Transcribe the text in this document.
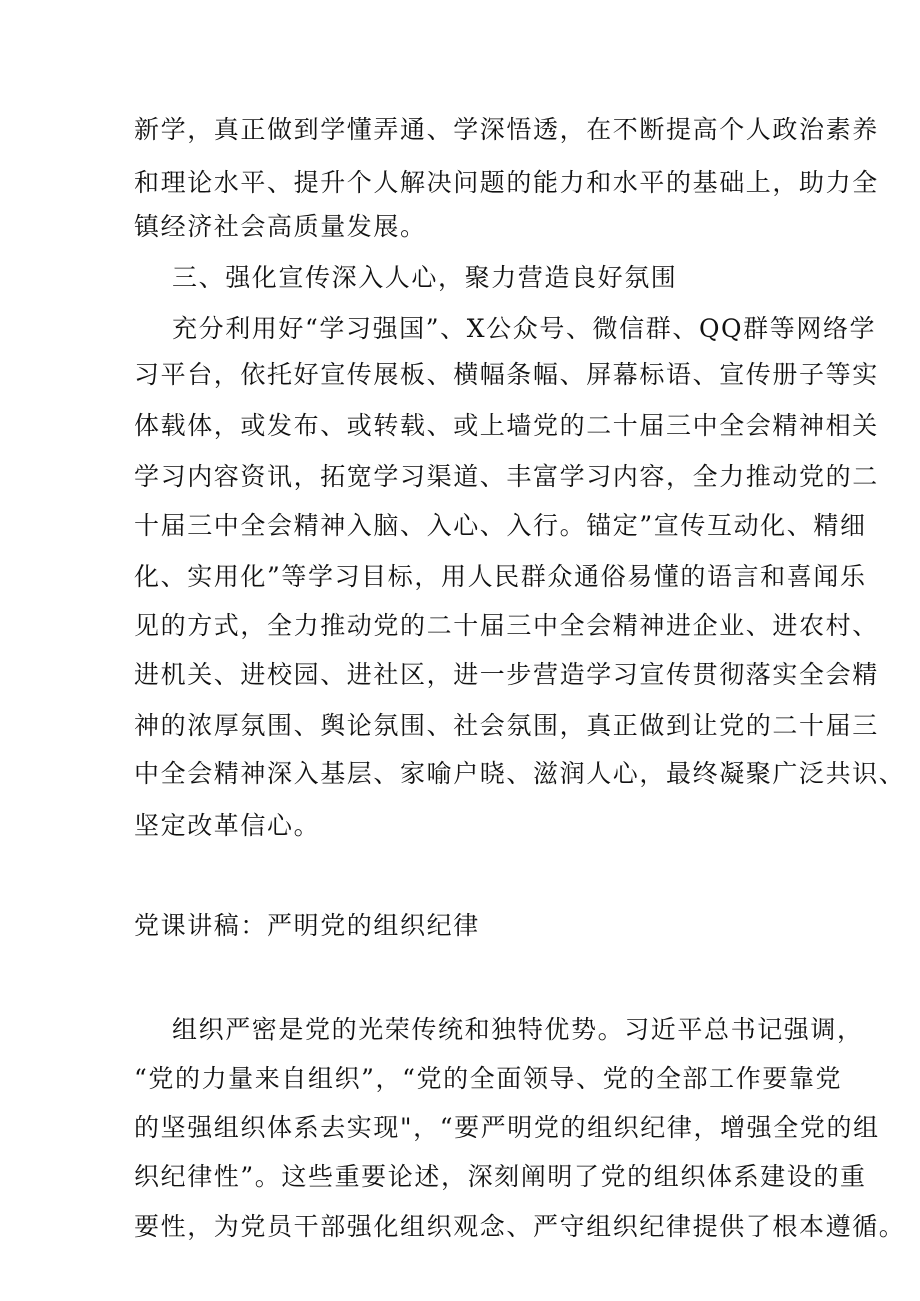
新学，真正做到学懂弄通、学深悟透，在不断提高个人政治素养
和理论水平、提升个人解决问题的能力和水平的基础上，助力全
镇经济社会高质量发展。
三、强化宣传深入人心，聚力营造良好氛围
充分利用好“学习强国”、X公众号、微信群、QQ群等网络学
习平台，依托好宣传展板、横幅条幅、屏幕标语、宣传册子等实
体载体，或发布、或转载、或上墙党的二十届三中全会精神相关
学习内容资讯，拓宽学习渠道、丰富学习内容，全力推动党的二
十届三中全会精神入脑、入心、入行。锚定”宣传互动化、精细
化、实用化”等学习目标，用人民群众通俗易懂的语言和喜闻乐
见的方式，全力推动党的二十届三中全会精神进企业、进农村、
进机关、进校园、进社区，进一步营造学习宣传贯彻落实全会精
神的浓厚氛围、舆论氛围、社会氛围，真正做到让党的二十届三
中全会精神深入基层、家喻户晓、滋润人心，最终凝聚广泛共识、
坚定改革信心。
党课讲稿：严明党的组织纪律
组织严密是党的光荣传统和独特优势。习近平总书记强调，
“党的力量来自组织”，“党的全面领导、党的全部工作要靠党
的坚强组织体系去实现"，“要严明党的组织纪律，增强全党的组
织纪律性”。这些重要论述，深刻阐明了党的组织体系建设的重
要性，为党员干部强化组织观念、严守组织纪律提供了根本遵循。
